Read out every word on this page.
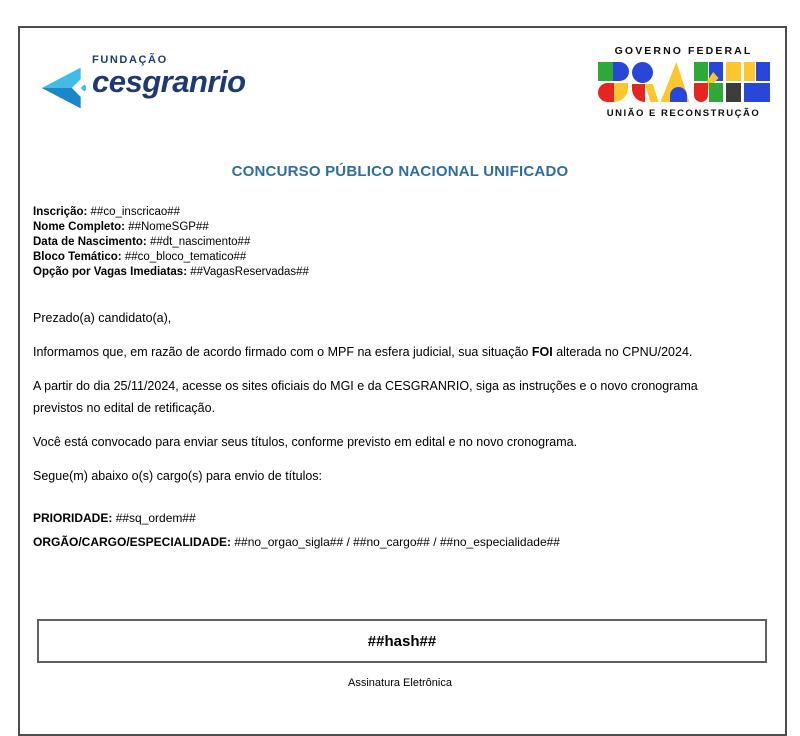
FUNDAÇÃO
cesgranrio
GOVERNO FEDERAL
UNIÃO E RECONSTRUÇÃO
CONCURSO PÚBLICO NACIONAL UNIFICADO
Inscrição: ##co_inscricao##
Nome Completo: ##NomeSGP##
Data de Nascimento: ##dt_nascimento##
Bloco Temático: ##co_bloco_tematico##
Opção por Vagas Imediatas: ##VagasReservadas##

Prezado(a) candidato(a),

Informamos que, em razão de acordo firmado com o MPF na esfera judicial, sua situação FOI alterada no CPNU/2024.

A partir do dia 25/11/2024, acesse os sites oficiais do MGI e da CESGRANRIO, siga as instruções e o novo cronograma previstos no edital de retificação.

Você está convocado para enviar seus títulos, conforme previsto em edital e no novo cronograma.

Segue(m) abaixo o(s) cargo(s) para envio de títulos:

PRIORIDADE: ##sq_ordem##
ORGÃO/CARGO/ESPECIALIDADE: ##no_orgao_sigla## / ##no_cargo## / ##no_especialidade##
##hash##
Assinatura Eletrônica
